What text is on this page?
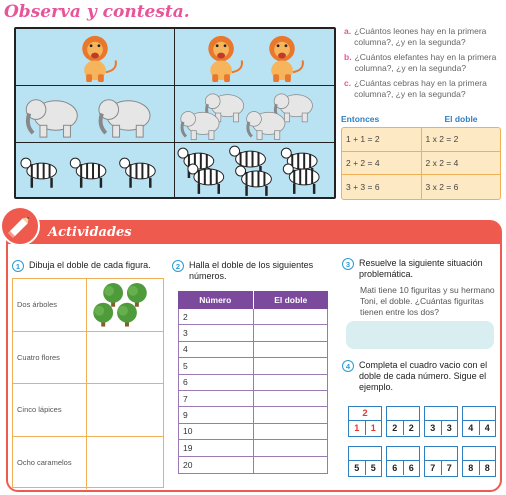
Observa y contesta.
a. ¿Cuántos leones hay en la primera columna?, ¿y en la segunda?
b. ¿Cuántos elefantes hay en la primera columna?, ¿y en la segunda?
c. ¿Cuántas cebras hay en la primera columna?, ¿y en la segunda?
Entonces	El doble
1 + 1 = 2	1 x 2 = 2
2 + 2 = 4	2 x 2 = 4
3 + 3 = 6	3 x 2 = 6
Actividades
1 Dibuja el doble de cada figura.
Dos árboles
Cuatro flores
Cinco lápices
Ocho caramelos
2 Halla el doble de los siguientes números.
Número	El doble
2
3
4
5
6
7
9
10
19
20
3 Resuelve la siguiente situación problemática.
Mati tiene 10 figuritas y su hermano Toni, el doble. ¿Cuántas figuritas tienen entre los dos?
4 Completa el cuadro vacio con el doble de cada número. Sigue el ejemplo.
2
1	1	2	2	3	3	4	4
5	5	6	6	7	7	8	8
